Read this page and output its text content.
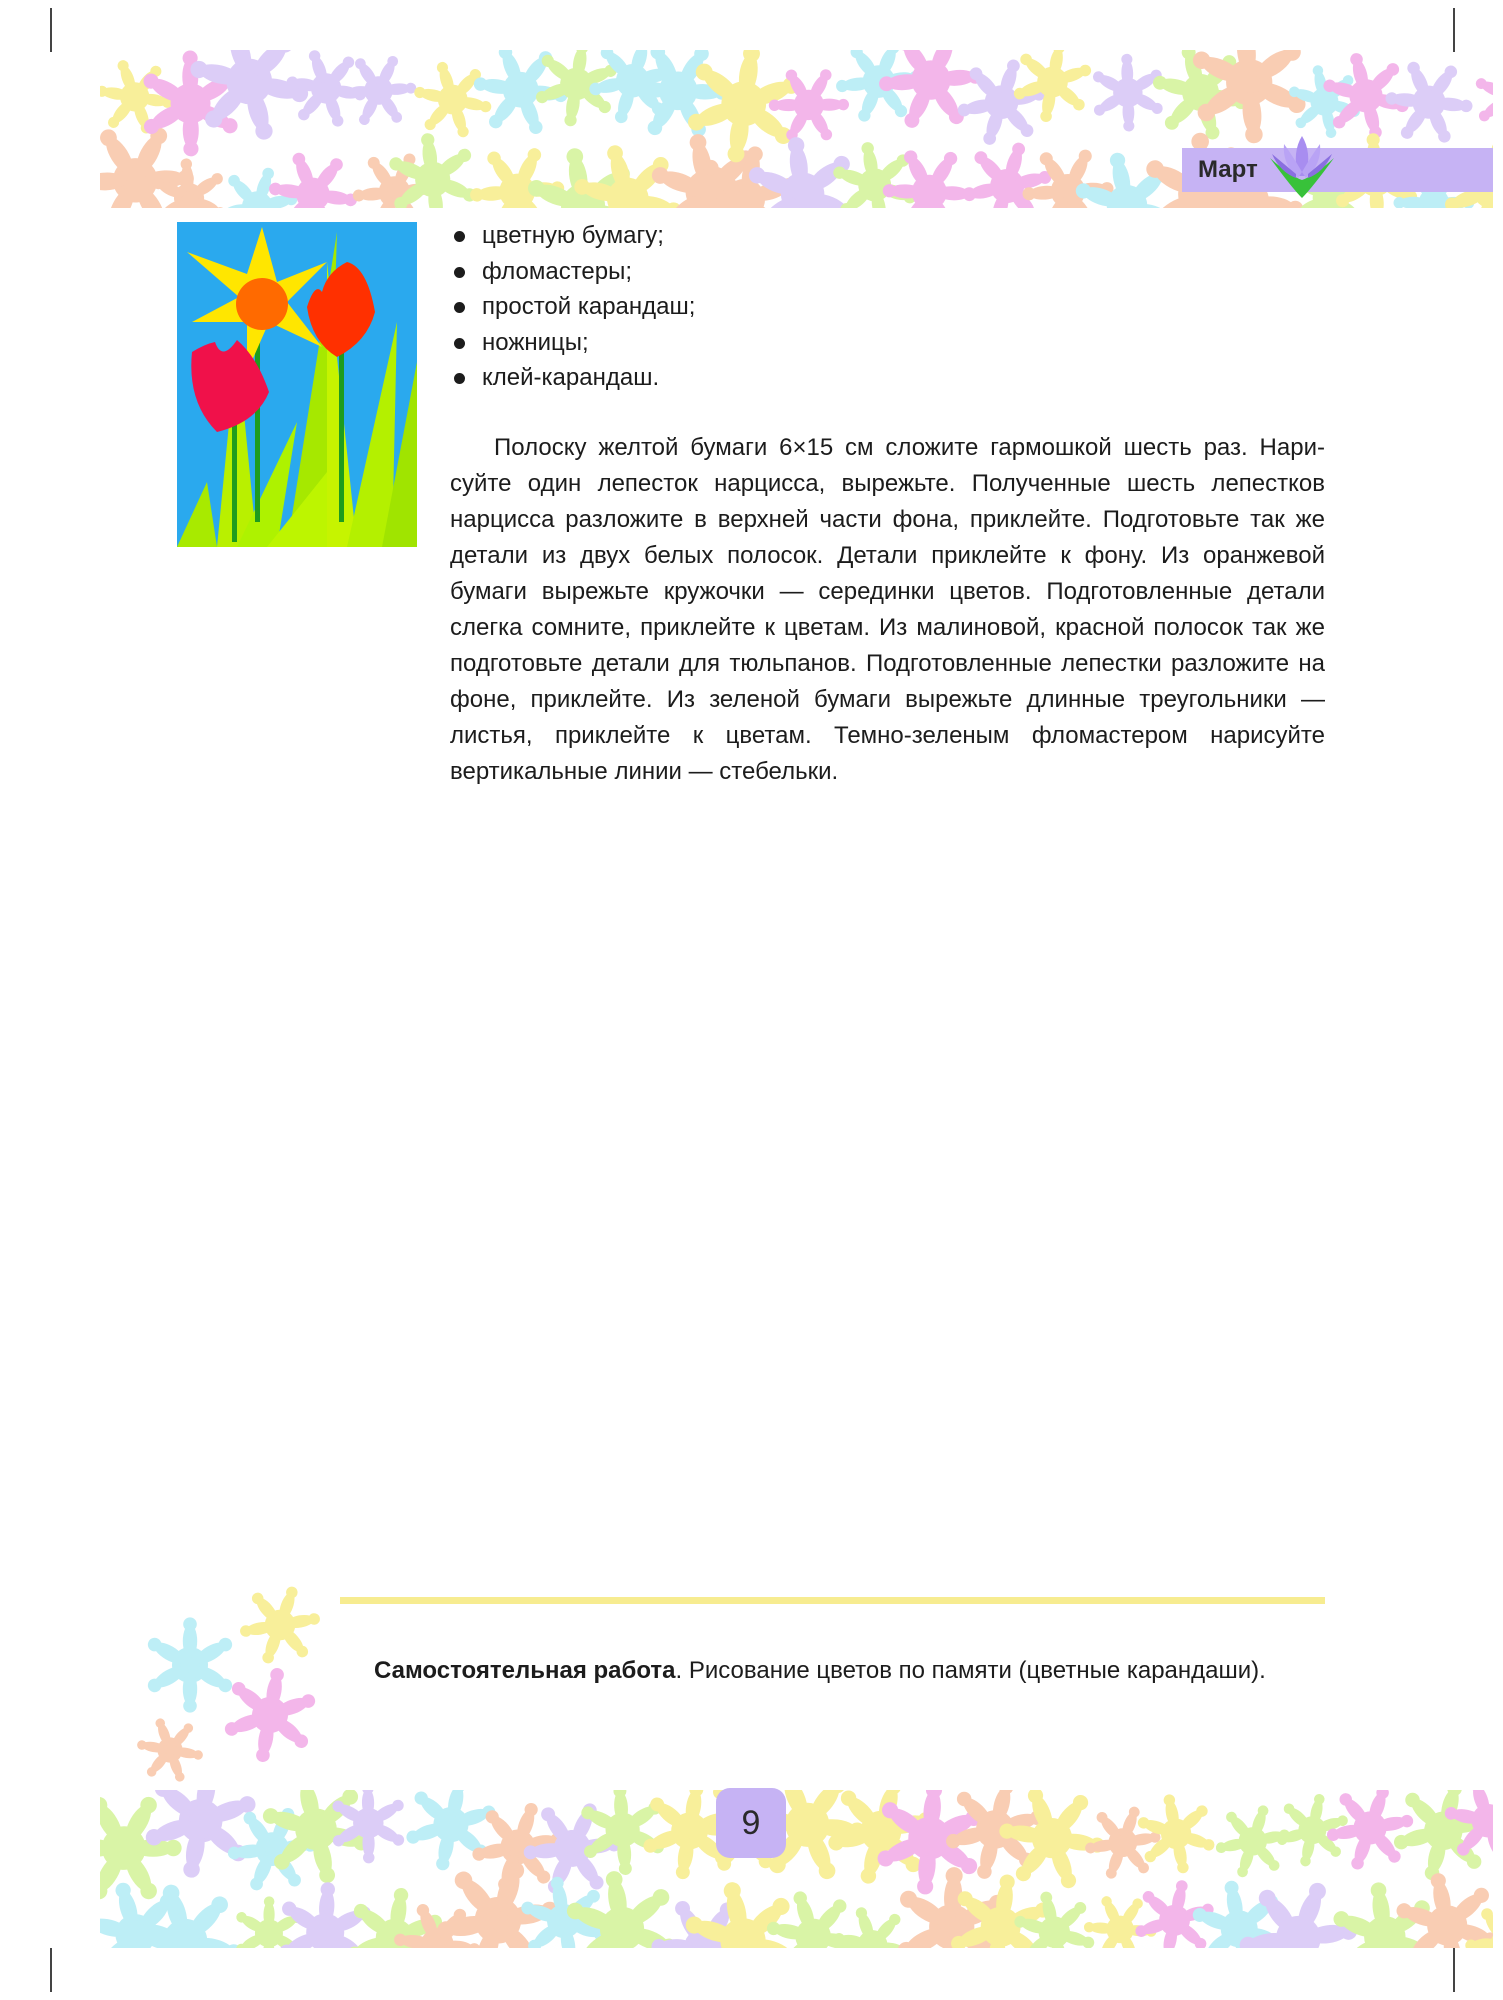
Март
цветную бумагу;
фломастеры;
простой карандаш;
ножницы;
клей-карандаш.

Полоску желтой бумаги 6×15 см сложите гармошкой шесть раз. Нарисуйте один лепесток нарцисса, вырежьте. Полученные шесть лепестков нарцисса разложите в верхней части фона, приклейте. Подготовьте так же детали из двух белых полосок. Детали приклейте к фону. Из оранжевой бумаги вырежьте кружочки — серединки цветов. Подготовленные детали слегка сомните, приклейте к цветам. Из малиновой, красной полосок так же подготовьте детали для тюльпанов. Подготовленные лепестки разложите на фоне, приклейте. Из зеленой бумаги вырежьте длинные треугольники — листья, приклейте к цветам. Темно-зеленым фломастером нарисуйте вертикальные линии — стебельки.

Самостоятельная работа. Рисование цветов по памяти (цветные карандаши).
9
